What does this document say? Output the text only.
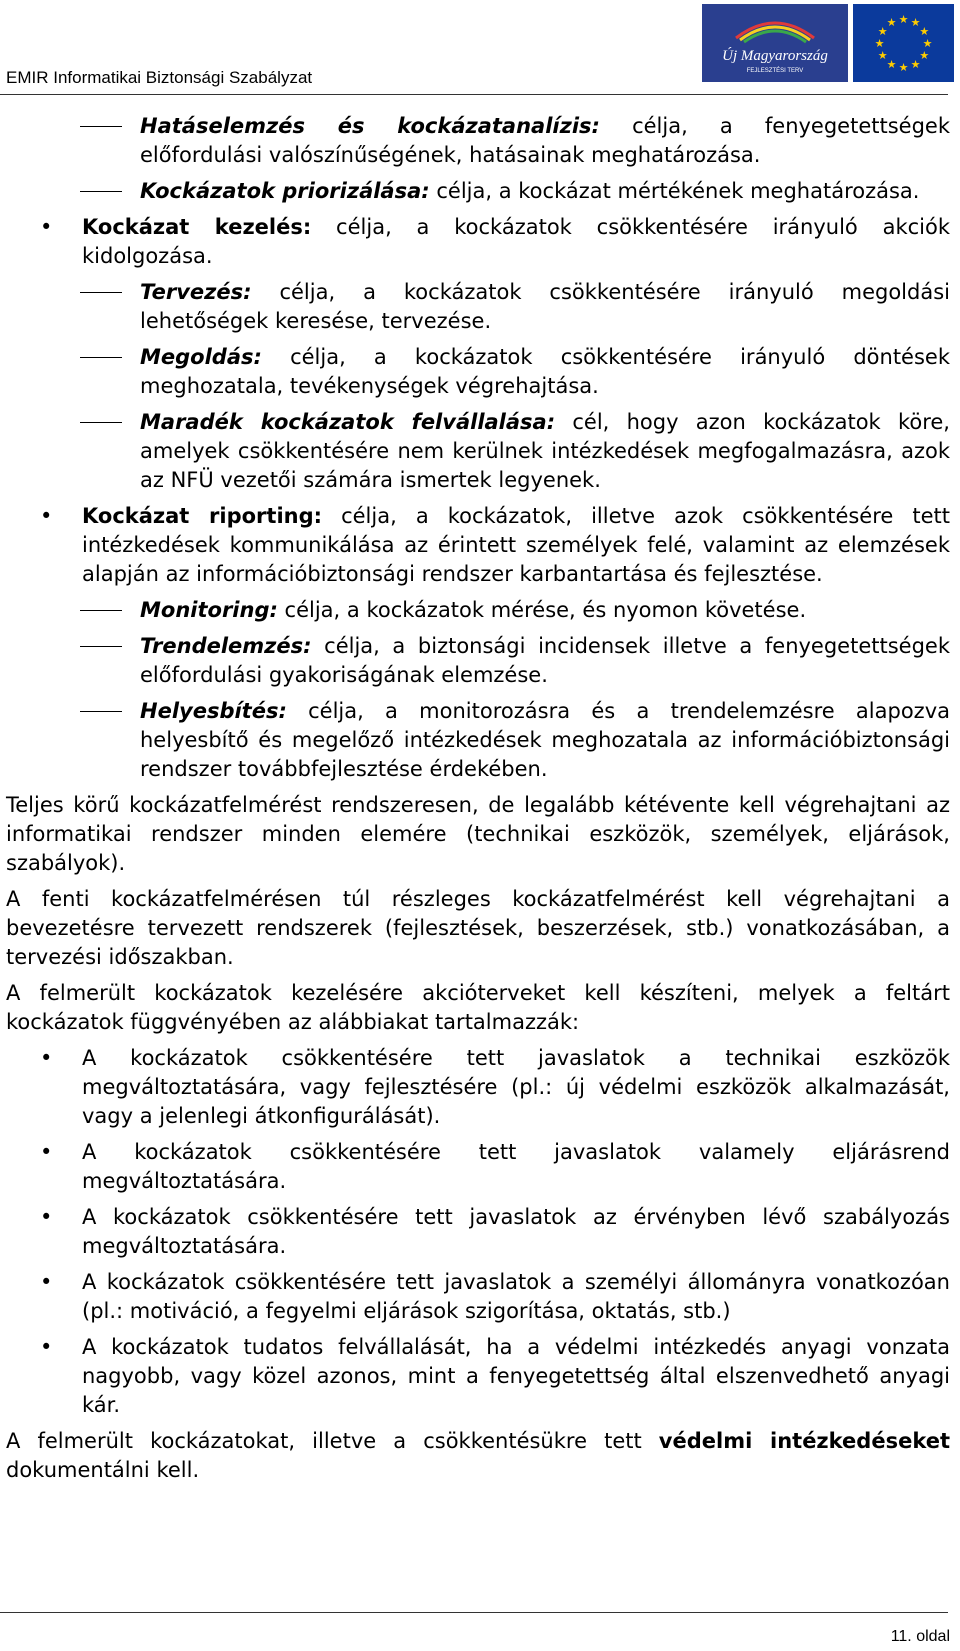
EMIR Informatikai Biztonsági Szabályzat
Új Magyarország
FEJLESZTÉSI TERV
★ ★
★
★
★
★
★
★
★
★
★
★
Hatáselemzés és kockázatanalízis: célja, a fenyegetettségek előfordulási valószínűségének, hatásainak meghatározása.
Kockázatok priorizálása: célja, a kockázat mértékének meghatározása.
• Kockázat kezelés: célja, a kockázatok csökkentésére irányuló akciók kidolgozása.
Tervezés: célja, a kockázatok csökkentésére irányuló megoldási lehetőségek keresése, tervezése.
Megoldás: célja, a kockázatok csökkentésére irányuló döntések meghozatala, tevékenységek végrehajtása.
Maradék kockázatok felvállalása: cél, hogy azon kockázatok köre, amelyek csökkentésére nem kerülnek intézkedések megfogalmazásra, azok az NFÜ vezetői számára ismertek legyenek.
• Kockázat riporting: célja, a kockázatok, illetve azok csökkentésére tett intézkedések kommunikálása az érintett személyek felé, valamint az elemzések alapján az információbiztonsági rendszer karbantartása és fejlesztése.
Monitoring: célja, a kockázatok mérése, és nyomon követése.
Trendelemzés: célja, a biztonsági incidensek illetve a fenyegetettségek előfordulási gyakoriságának elemzése.
Helyesbítés: célja, a monitorozásra és a trendelemzésre alapozva helyesbítő és megelőző intézkedések meghozatala az információbiztonsági rendszer továbbfejlesztése érdekében.
Teljes körű kockázatfelmérést rendszeresen, de legalább kétévente kell végrehajtani az informatikai rendszer minden elemére (technikai eszközök, személyek, eljárások, szabályok).
A fenti kockázatfelmérésen túl részleges kockázatfelmérést kell végrehajtani a bevezetésre tervezett rendszerek (fejlesztések, beszerzések, stb.) vonatkozásában, a tervezési időszakban.
A felmerült kockázatok kezelésére akcióterveket kell készíteni, melyek a feltárt kockázatok függvényében az alábbiakat tartalmazzák:
• A kockázatok csökkentésére tett javaslatok a technikai eszközök megváltoztatására, vagy fejlesztésére (pl.: új védelmi eszközök alkalmazását, vagy a jelenlegi átkonfigurálását).
• A kockázatok csökkentésére tett javaslatok valamely eljárásrend megváltoztatására.
• A kockázatok csökkentésére tett javaslatok az érvényben lévő szabályozás megváltoztatására.
• A kockázatok csökkentésére tett javaslatok a személyi állományra vonatkozóan (pl.: motiváció, a fegyelmi eljárások szigorítása, oktatás, stb.)
• A kockázatok tudatos felvállalását, ha a védelmi intézkedés anyagi vonzata nagyobb, vagy közel azonos, mint a fenyegetettség által elszenvedhető anyagi kár.
A felmerült kockázatokat, illetve a csökkentésükre tett védelmi intézkedéseket dokumentálni kell.
11. oldal
